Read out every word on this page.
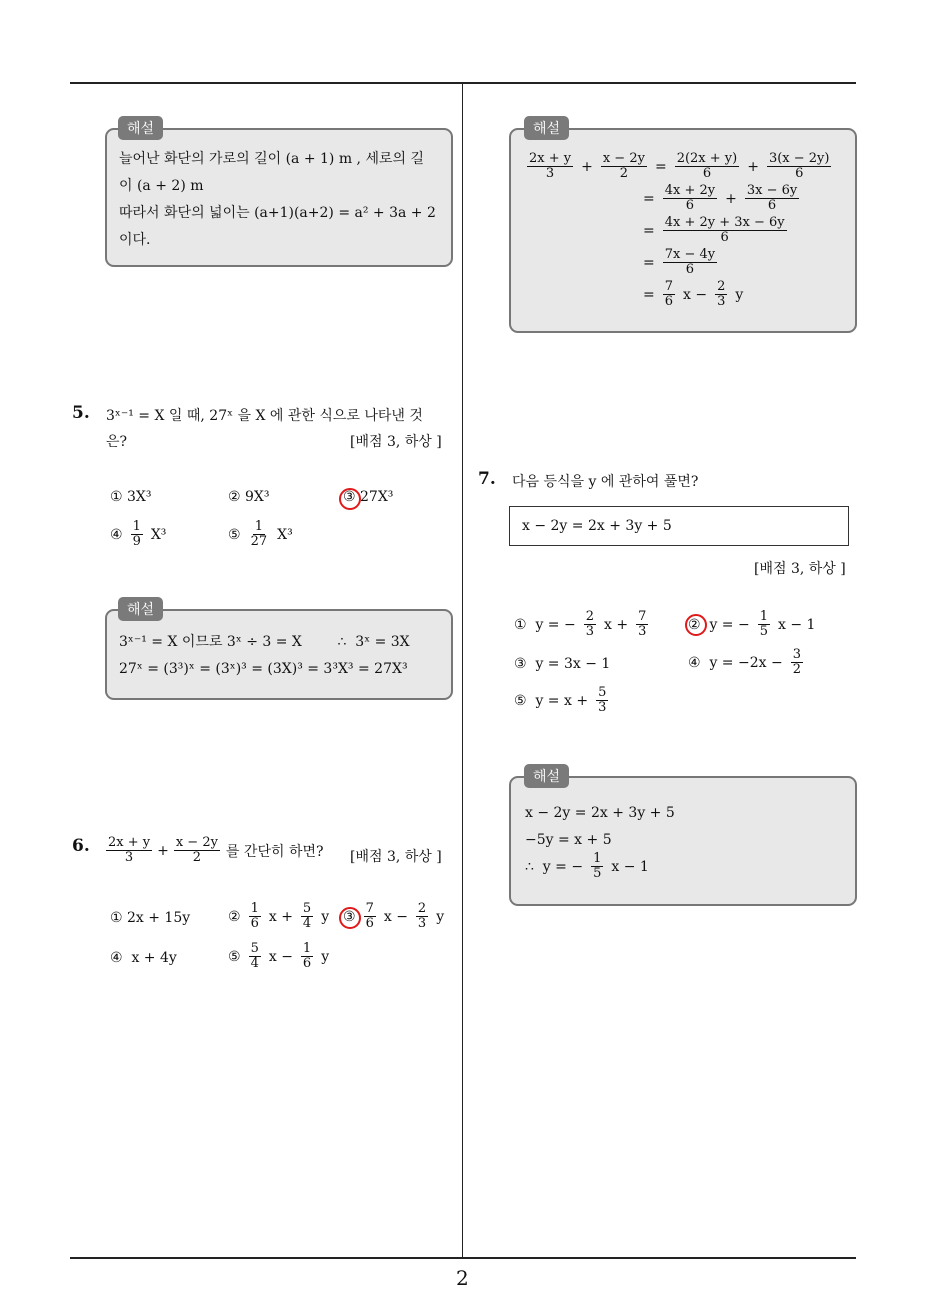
2
늘어난 화단의 가로의 길이 (a + 1) m , 세로의 길
이 (a + 2) m
따라서 화단의 넓이는 (a+1)(a+2) = a² + 3a + 2
이다.
해설
5. 3ˣ⁻¹ = X 일 때, 27ˣ 을 X 에 관한 식으로 나타낸 것
은?	[배점 3, 하상 ]
① 3X³	② 9X³	③ 27X³
④ $\frac{1}{9} X^3$	⑤ $\frac{1}{27} X^3$
3ˣ⁻¹ = X 이므로 3ˣ ÷ 3 = X        ∴  3ˣ = 3X
27ˣ = (3³)ˣ = (3ˣ)³ = (3X)³ = 3³X³ = 27X³
해설
6. $\frac{2x + y}{3} + \frac{x - 2y}{2}$ 를 간단히 하면? [배점 3, 하상 ]
① 2x + 15y	② $\frac{1}{6}$ $x + \frac{5}{4}$ y ③ $\frac{7}{6}$ $x - \frac{2}{3}$ y
④  x + 4y	⑤ $\frac{5}{4}$ $x - \frac{1}{6}$ y
$\frac{2x + y}{3} + \frac{x - 2y}{2} = \frac{2(2x + y)}{6} + \frac{3(x - 2y)}{6}$
= $\frac{4x + 2y}{6} + \frac{3x - 6y}{6}$
= $\frac{4x + 2y + 3x - 6y}{6}$
= $\frac{7x - 4y}{6}$
= $\frac{7}{6}$ $x - \frac{2}{3}$ y
해설
7. 다음 등식을 y 에 관하여 풀면?
x − 2y = 2x + 3y + 5
[배점 3, 하상 ]
①  y = − $\frac{2}{3}$ $x + \frac{7}{3}$	②  y = − $\frac{1}{5}$ x − 1
③  y = 3x − 1	④  $y = -2x - \frac{3}{2}$
⑤  $y = x + \frac{5}{3}$
x − 2y = 2x + 3y + 5
−5y = x + 5
∴  y = − $\frac{1}{5}$ x − 1
해설
